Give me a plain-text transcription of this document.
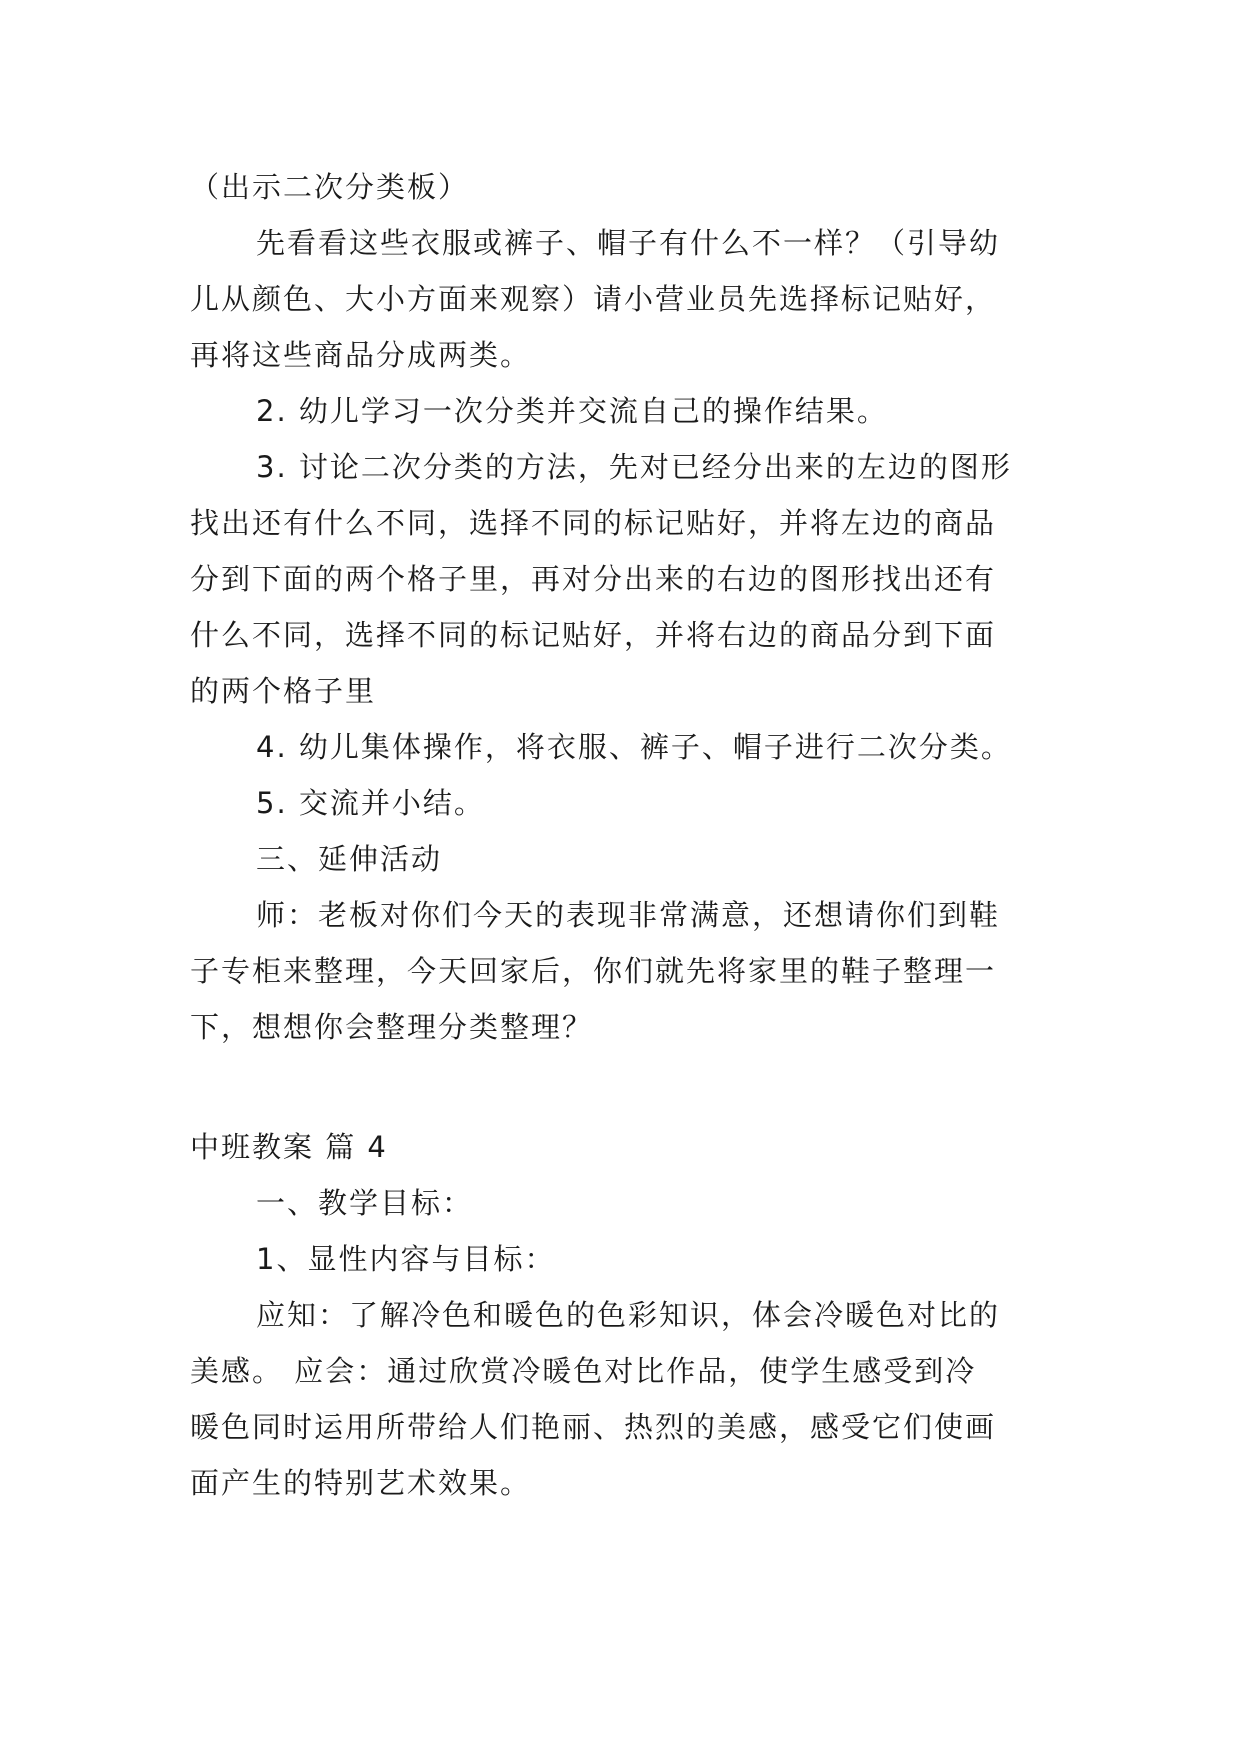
（出示二次分类板）
先看看这些衣服或裤子、帽子有什么不一样？（引导幼
儿从颜色、大小方面来观察）请小营业员先选择标记贴好，
再将这些商品分成两类。
2. 幼儿学习一次分类并交流自己的操作结果。
3. 讨论二次分类的方法，先对已经分出来的左边的图形
找出还有什么不同，选择不同的标记贴好，并将左边的商品
分到下面的两个格子里，再对分出来的右边的图形找出还有
什么不同，选择不同的标记贴好，并将右边的商品分到下面
的两个格子里
4. 幼儿集体操作，将衣服、裤子、帽子进行二次分类。
5. 交流并小结。
三、延伸活动
师：老板对你们今天的表现非常满意，还想请你们到鞋
子专柜来整理，今天回家后，你们就先将家里的鞋子整理一
下，想想你会整理分类整理？
中班教案 篇 4
一、教学目标：
1、显性内容与目标：
应知：了解冷色和暖色的色彩知识，体会冷暖色对比的
美感。 应会：通过欣赏冷暖色对比作品，使学生感受到冷
暖色同时运用所带给人们艳丽、热烈的美感，感受它们使画
面产生的特别艺术效果。
